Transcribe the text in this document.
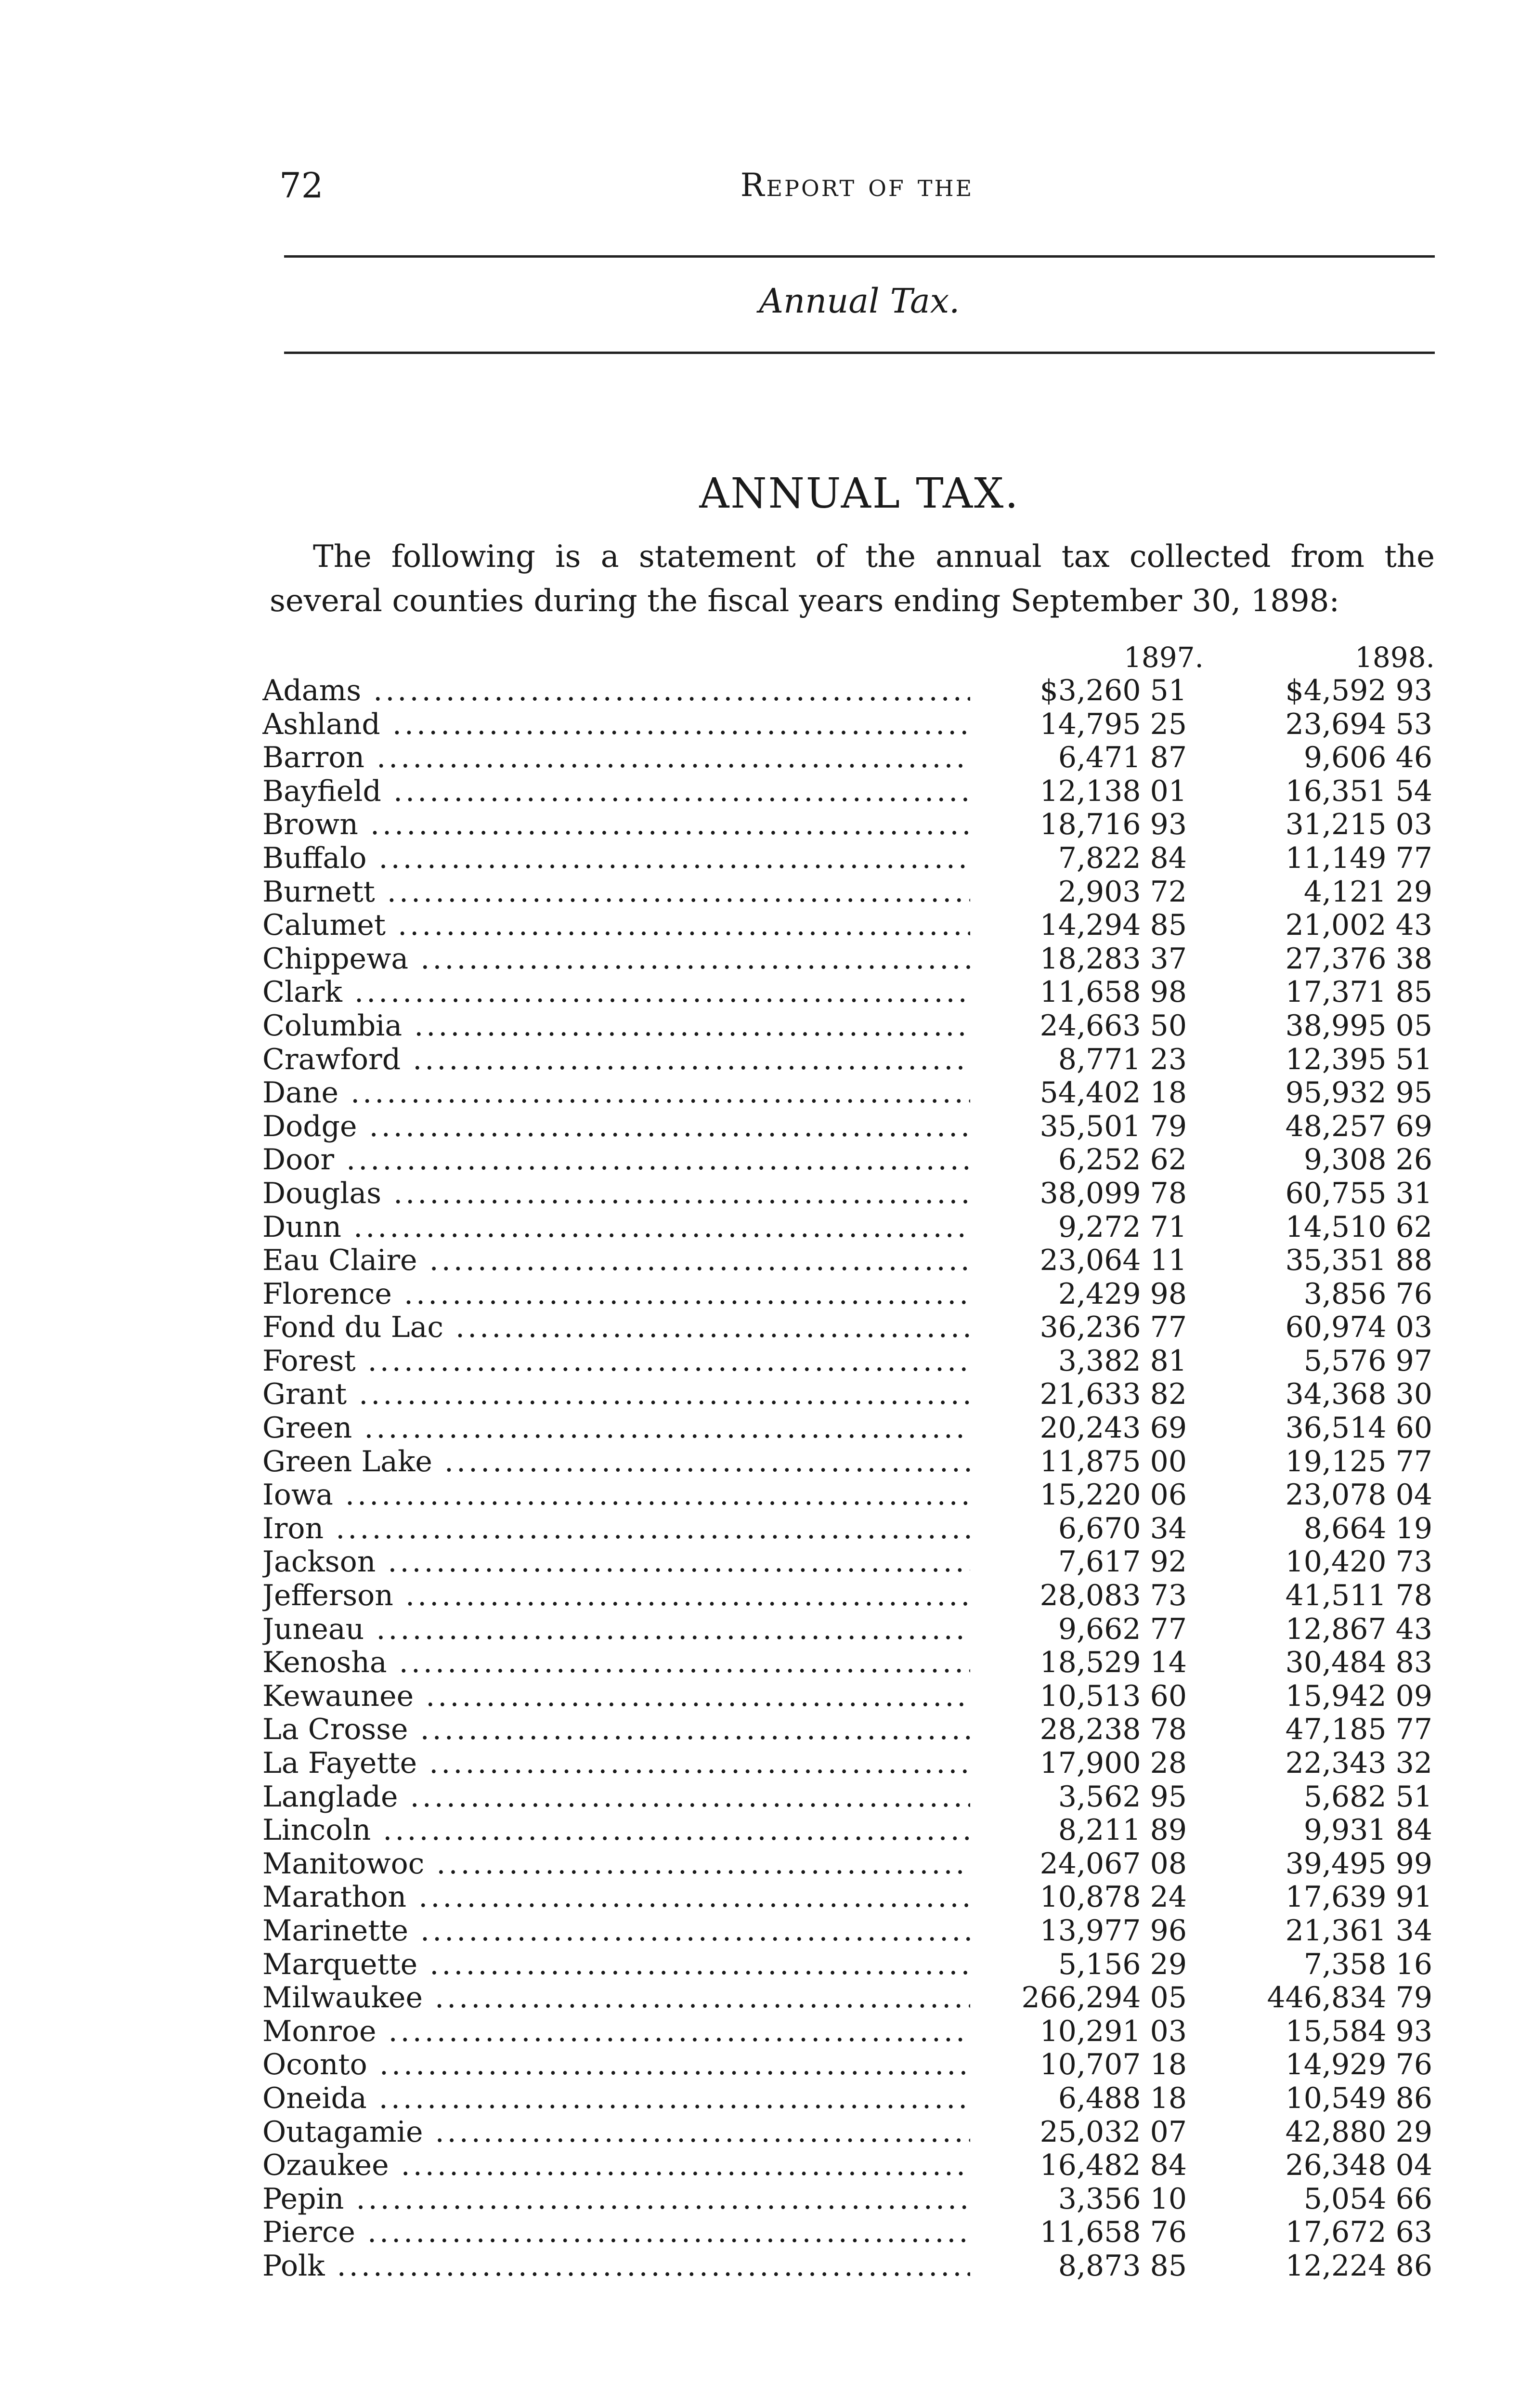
72	Report of the
Annual Tax.
ANNUAL TAX.

The following is a statement of the annual tax collected from the several counties during the fiscal years ending September 30, 1898:

1897.	1898.
Adams .....	$3,260 51	$4,592 93
Ashland .....	14,795 25	23,694 53
Barron .....	6,471 87	9,606 46
Bayfield .....	12,138 01	16,351 54
Brown .....	18,716 93	31,215 03
Buffalo .....	7,822 84	11,149 77
Burnett .....	2,903 72	4,121 29
Calumet .....	14,294 85	21,002 43
Chippewa .....	18,283 37	27,376 38
Clark .....	11,658 98	17,371 85
Columbia .....	24,663 50	38,995 05
Crawford .....	8,771 23	12,395 51
Dane .....	54,402 18	95,932 95
Dodge .....	35,501 79	48,257 69
Door .....	6,252 62	9,308 26
Douglas .....	38,099 78	60,755 31
Dunn .....	9,272 71	14,510 62
Eau Claire .....	23,064 11	35,351 88
Florence .....	2,429 98	3,856 76
Fond du Lac .....	36,236 77	60,974 03
Forest .....	3,382 81	5,576 97
Grant .....	21,633 82	34,368 30
Green .....	20,243 69	36,514 60
Green Lake .....	11,875 00	19,125 77
Iowa .....	15,220 06	23,078 04
Iron .....	6,670 34	8,664 19
Jackson .....	7,617 92	10,420 73
Jefferson .....	28,083 73	41,511 78
Juneau .....	9,662 77	12,867 43
Kenosha .....	18,529 14	30,484 83
Kewaunee .....	10,513 60	15,942 09
La Crosse .....	28,238 78	47,185 77
La Fayette .....	17,900 28	22,343 32
Langlade .....	3,562 95	5,682 51
Lincoln .....	8,211 89	9,931 84
Manitowoc .....	24,067 08	39,495 99
Marathon .....	10,878 24	17,639 91
Marinette .....	13,977 96	21,361 34
Marquette .....	5,156 29	7,358 16
Milwaukee .....	266,294 05	446,834 79
Monroe .....	10,291 03	15,584 93
Oconto .....	10,707 18	14,929 76
Oneida .....	6,488 18	10,549 86
Outagamie .....	25,032 07	42,880 29
Ozaukee .....	16,482 84	26,348 04
Pepin .....	3,356 10	5,054 66
Pierce .....	11,658 76	17,672 63
Polk .....	8,873 85	12,224 86
